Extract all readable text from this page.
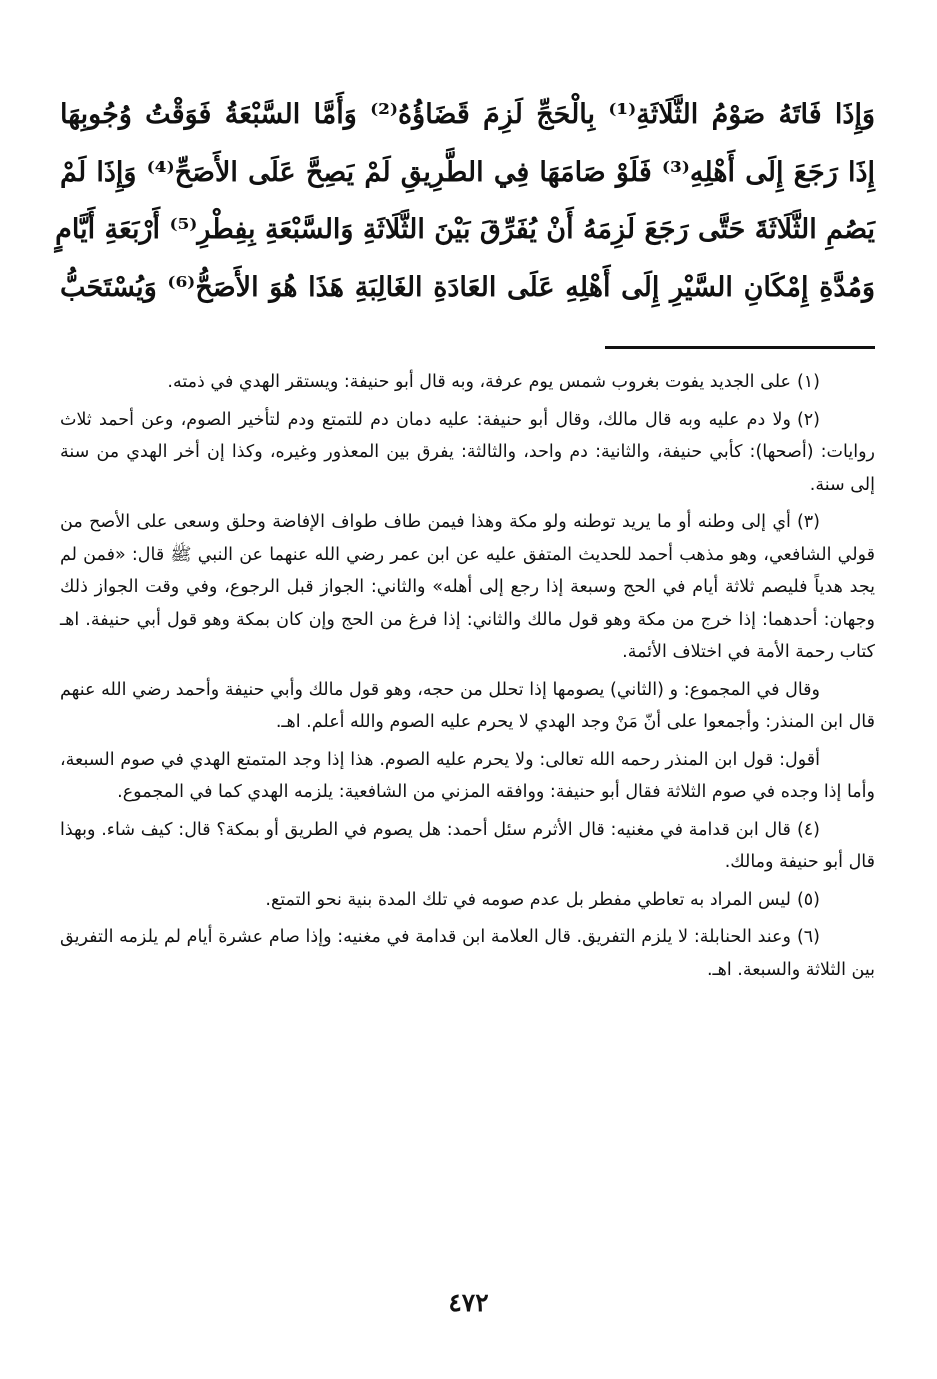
وَإِذَا فَاتَهُ صَوْمُ الثَّلَاثَةِ⁽¹⁾ بِالْحَجِّ لَزِمَ قَضَاؤُهُ⁽²⁾ وَأَمَّا السَّبْعَةُ فَوَقْتُ وُجُوبِهَا
إِذَا رَجَعَ إِلَى أَهْلِهِ⁽³⁾ فَلَوْ صَامَهَا فِي الطَّرِيقِ لَمْ يَصِحَّ عَلَى الأَصَحِّ⁽⁴⁾ وَإِذَا لَمْ
يَصُمِ الثَّلَاثَةَ حَتَّى رَجَعَ لَزِمَهُ أَنْ يُفَرِّقَ بَيْنَ الثَّلَاثَةِ وَالسَّبْعَةِ بِفِطْرِ⁽⁵⁾ أَرْبَعَةِ أَيَّامٍ
وَمُدَّةِ إِمْكَانِ السَّيْرِ إِلَى أَهْلِهِ عَلَى العَادَةِ الغَالِبَةِ هَذَا هُوَ الأَصَحُّ⁽⁶⁾ وَيُسْتَحَبُّ

(١)على الجديد يفوت بغروب شمس يوم عرفة، وبه قال أبو حنيفة: ويستقر الهدي في ذمته.

(٢)ولا دم عليه وبه قال مالك، وقال أبو حنيفة: عليه دمان دم للتمتع ودم لتأخير الصوم، وعن أحمد ثلاث روايات: (أصحها): كأبي حنيفة، والثانية: دم واحد، والثالثة: يفرق بين المعذور وغيره، وكذا إن أخر الهدي من سنة إلى سنة.

(٣)أي إلى وطنه أو ما يريد توطنه ولو مكة وهذا فيمن طاف طواف الإفاضة وحلق وسعى على الأصح من قولي الشافعي، وهو مذهب أحمد للحديث المتفق عليه عن ابن عمر رضي الله عنهما عن النبي ﷺ قال: «فمن لم يجد هدياً فليصم ثلاثة أيام في الحج وسبعة إذا رجع إلى أهله» والثاني: الجواز قبل الرجوع، وفي وقت الجواز ذلك وجهان: أحدهما: إذا خرج من مكة وهو قول مالك والثاني: إذا فرغ من الحج وإن كان بمكة وهو قول أبي حنيفة. اهـ كتاب رحمة الأمة في اختلاف الأئمة.

وقال في المجموع: و (الثاني) يصومها إذا تحلل من حجه، وهو قول مالك وأبي حنيفة وأحمد رضي الله عنهم قال ابن المنذر: وأجمعوا على أنّ مَنْ وجد الهدي لا يحرم عليه الصوم والله أعلم. اهـ.

أقول: قول ابن المنذر رحمه الله تعالى: ولا يحرم عليه الصوم. هذا إذا وجد المتمتع الهدي في صوم السبعة، وأما إذا وجده في صوم الثلاثة فقال أبو حنيفة: ووافقه المزني من الشافعية: يلزمه الهدي كما في المجموع.

(٤)قال ابن قدامة في مغنيه: قال الأثرم سئل أحمد: هل يصوم في الطريق أو بمكة؟ قال: كيف شاء. وبهذا قال أبو حنيفة ومالك.

(٥)ليس المراد به تعاطي مفطر بل عدم صومه في تلك المدة بنية نحو التمتع.

(٦)وعند الحنابلة: لا يلزم التفريق. قال العلامة ابن قدامة في مغنيه: وإذا صام عشرة أيام لم يلزمه التفريق بين الثلاثة والسبعة. اهـ.

٤٧٢
